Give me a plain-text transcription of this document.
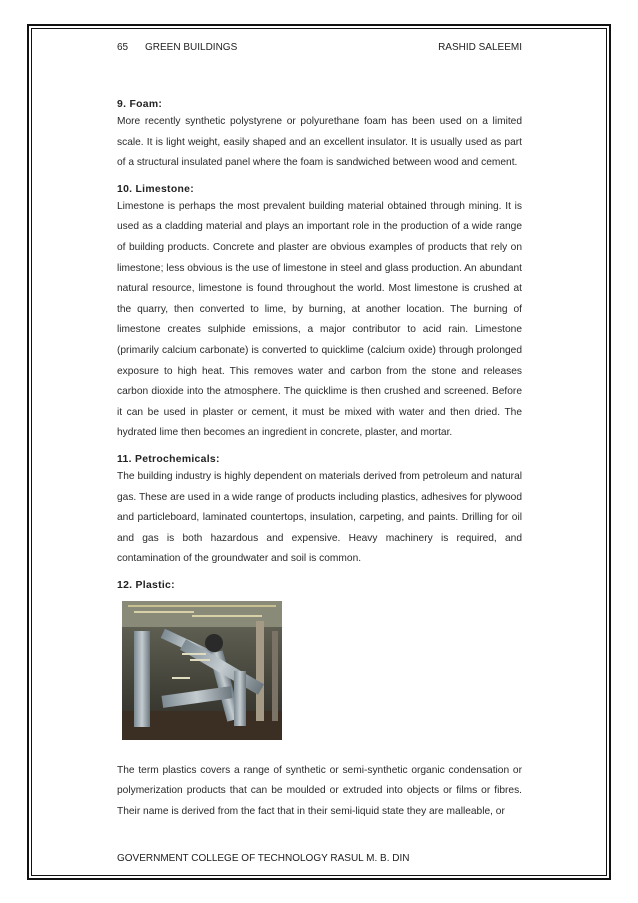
65 GREEN BUILDINGS	RASHID SALEEMI

9. Foam:

More recently synthetic polystyrene or polyurethane foam has been used on a limited scale. It is light weight, easily shaped and an excellent insulator. It is usually used as part of a structural insulated panel where the foam is sandwiched between wood and cement.

10. Limestone:

Limestone is perhaps the most prevalent building material obtained through mining. It is used as a cladding material and plays an important role in the production of a wide range of building products. Concrete and plaster are obvious examples of products that rely on limestone; less obvious is the use of limestone in steel and glass production. An abundant natural resource, limestone is found throughout the world. Most limestone is crushed at the quarry, then converted to lime, by burning, at another location. The burning of limestone creates sulphide emissions, a major contributor to acid rain. Limestone (primarily calcium carbonate) is converted to quicklime (calcium oxide) through prolonged exposure to high heat. This removes water and carbon from the stone and releases carbon dioxide into the atmosphere. The quicklime is then crushed and screened. Before it can be used in plaster or cement, it must be mixed with water and then dried. The hydrated lime then becomes an ingredient in concrete, plaster, and mortar.

11. Petrochemicals:

The building industry is highly dependent on materials derived from petroleum and natural gas. These are used in a wide range of products including plastics, adhesives for plywood and particleboard, laminated countertops, insulation, carpeting, and paints. Drilling for oil and gas is both hazardous and expensive. Heavy machinery is required, and contamination of the groundwater and soil is common.

12. Plastic:

The term plastics covers a range of synthetic or semi-synthetic organic condensation or polymerization products that can be moulded or extruded into objects or films or fibres. Their name is derived from the fact that in their semi-liquid state they are malleable, or

GOVERNMENT COLLEGE OF TECHNOLOGY RASUL M. B. DIN
